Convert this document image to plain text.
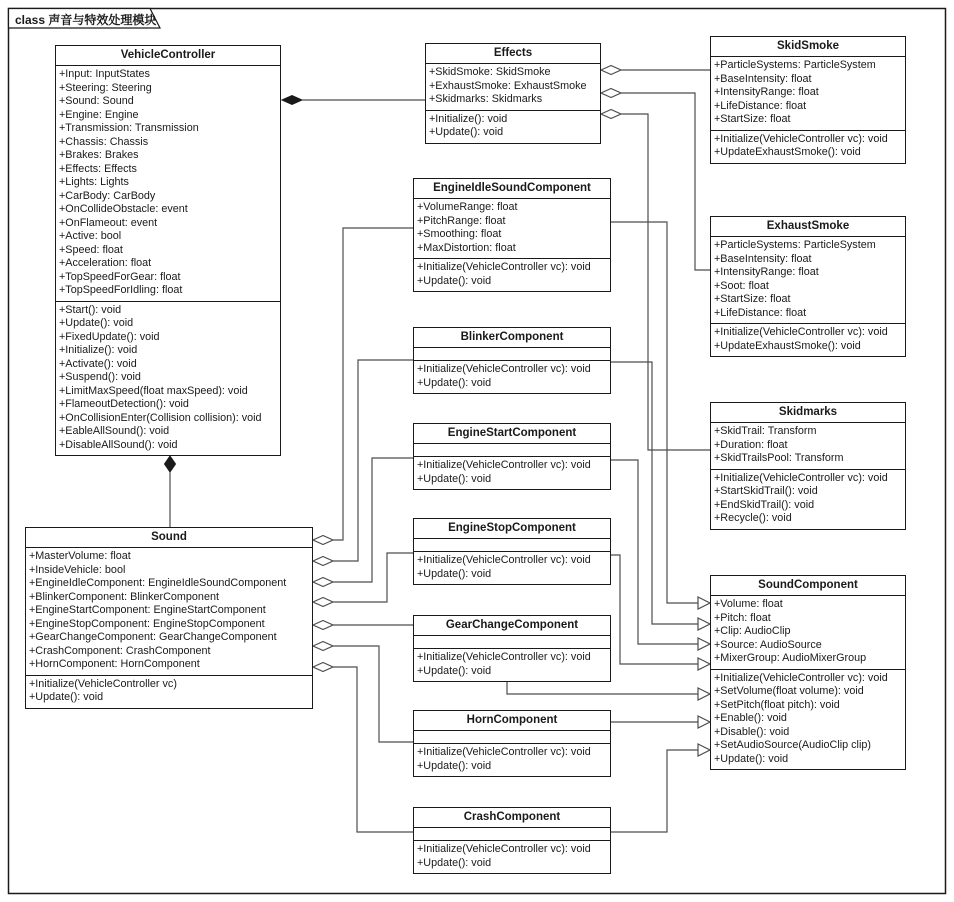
class 声音与特效处理模块
VehicleController
+Input: InputStates
+Steering: Steering
+Sound: Sound
+Engine: Engine
+Transmission: Transmission
+Chassis: Chassis
+Brakes: Brakes
+Effects: Effects
+Lights: Lights
+CarBody: CarBody
+OnCollideObstacle: event
+OnFlameout: event
+Active: bool
+Speed: float
+Acceleration: float
+TopSpeedForGear: float
+TopSpeedForIdling: float
+Start(): void
+Update(): void
+FixedUpdate(): void
+Initialize(): void
+Activate(): void
+Suspend(): void
+LimitMaxSpeed(float maxSpeed): void
+FlameoutDetection(): void
+OnCollisionEnter(Collision collision): void
+EableAllSound(): void
+DisableAllSound(): void
Effects
+SkidSmoke: SkidSmoke
+ExhaustSmoke: ExhaustSmoke
+Skidmarks: Skidmarks
+Initialize(): void
+Update(): void
SkidSmoke
+ParticleSystems: ParticleSystem
+BaseIntensity: float
+IntensityRange: float
+LifeDistance: float
+StartSize: float
+Initialize(VehicleController vc): void
+UpdateExhaustSmoke(): void
ExhaustSmoke
+ParticleSystems: ParticleSystem
+BaseIntensity: float
+IntensityRange: float
+Soot: float
+StartSize: float
+LifeDistance: float
+Initialize(VehicleController vc): void
+UpdateExhaustSmoke(): void
Skidmarks
+SkidTrail: Transform
+Duration: float
+SkidTrailsPool: Transform
+Initialize(VehicleController vc): void
+StartSkidTrail(): void
+EndSkidTrail(): void
+Recycle(): void
SoundComponent
+Volume: float
+Pitch: float
+Clip: AudioClip
+Source: AudioSource
+MixerGroup: AudioMixerGroup
+Initialize(VehicleController vc): void
+SetVolume(float volume): void
+SetPitch(float pitch): void
+Enable(): void
+Disable(): void
+SetAudioSource(AudioClip clip)
+Update(): void
Sound
+MasterVolume: float
+InsideVehicle: bool
+EngineIdleComponent: EngineIdleSoundComponent
+BlinkerComponent: BlinkerComponent
+EngineStartComponent: EngineStartComponent
+EngineStopComponent: EngineStopComponent
+GearChangeComponent: GearChangeComponent
+CrashComponent: CrashComponent
+HornComponent: HornComponent
+Initialize(VehicleController vc)
+Update(): void
EngineIdleSoundComponent
+VolumeRange: float
+PitchRange: float
+Smoothing: float
+MaxDistortion: float
+Initialize(VehicleController vc): void
+Update(): void
BlinkerComponent
+Initialize(VehicleController vc): void
+Update(): void
EngineStartComponent
+Initialize(VehicleController vc): void
+Update(): void
EngineStopComponent
+Initialize(VehicleController vc): void
+Update(): void
GearChangeComponent
+Initialize(VehicleController vc): void
+Update(): void
HornComponent
+Initialize(VehicleController vc): void
+Update(): void
CrashComponent
+Initialize(VehicleController vc): void
+Update(): void
